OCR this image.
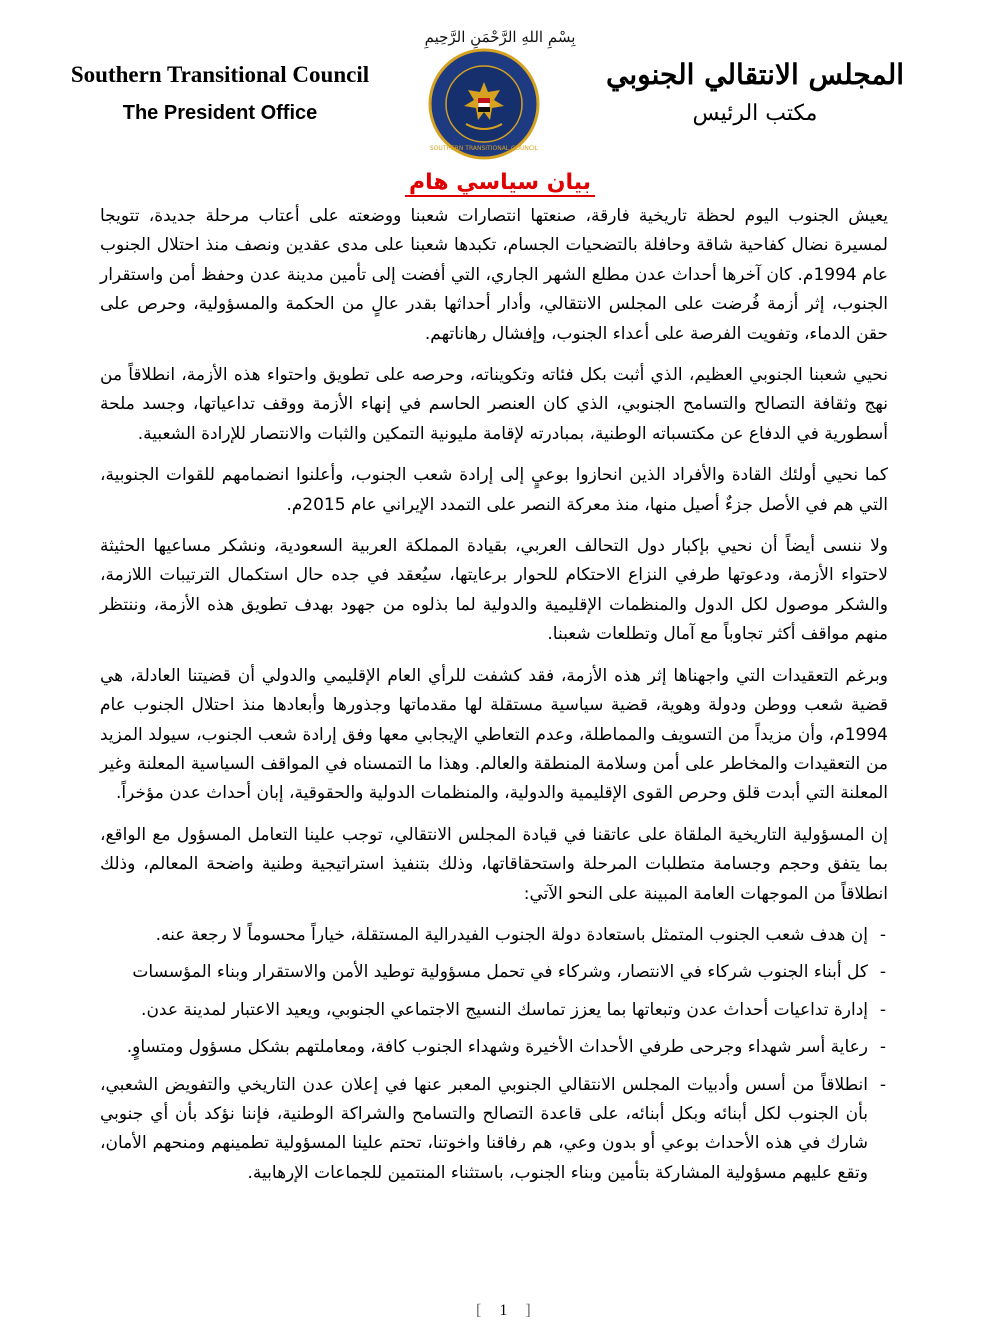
Southern Transitional Council
The President Office
بِسْمِ اللهِ الرَّحْمَنِ الرَّحِيمِ
SOUTHERN TRANSITIONAL COUNCIL
المجلس الانتقالي الجنوبي
مكتب الرئيس
بيان سياسي هام

يعيش الجنوب اليوم لحظة تاريخية فارقة، صنعتها انتصارات شعبنا ووضعته على أعتاب مرحلة جديدة، تتويجا لمسيرة نضال كفاحية شاقة وحافلة بالتضحيات الجسام، تكبدها شعبنا على مدى عقدين ونصف منذ احتلال الجنوب عام 1994م. كان آخرها أحداث عدن مطلع الشهر الجاري، التي أفضت إلى تأمين مدينة عدن وحفظ أمن واستقرار الجنوب، إثر أزمة فُرضت على المجلس الانتقالي، وأدار أحداثها بقدر عالٍ من الحكمة والمسؤولية، وحرص على حقن الدماء، وتفويت الفرصة على أعداء الجنوب، وإفشال رهاناتهم.

نحيي شعبنا الجنوبي العظيم، الذي أثبت بكل فئاته وتكويناته، وحرصه على تطويق واحتواء هذه الأزمة، انطلاقاً من نهج وثقافة التصالح والتسامح الجنوبي، الذي كان العنصر الحاسم في إنهاء الأزمة ووقف تداعياتها، وجسد ملحة أسطورية في الدفاع عن مكتسباته الوطنية، بمبادرته لإقامة مليونية التمكين والثبات والانتصار للإرادة الشعبية.

كما نحيي أولئك القادة والأفراد الذين انحازوا بوعيٍ إلى إرادة شعب الجنوب، وأعلنوا انضمامهم للقوات الجنوبية، التي هم في الأصل جزءٌ أصيل منها، منذ معركة النصر على التمدد الإيراني عام 2015م.

ولا ننسى أيضاً أن نحيي بإكبار دول التحالف العربي، بقيادة المملكة العربية السعودية، ونشكر مساعيها الحثيثة لاحتواء الأزمة، ودعوتها طرفي النزاع الاحتكام للحوار برعايتها، سيُعقد في جده حال استكمال الترتيبات اللازمة، والشكر موصول لكل الدول والمنظمات الإقليمية والدولية لما بذلوه من جهود بهدف تطويق هذه الأزمة، وننتظر منهم مواقف أكثر تجاوباً مع آمال وتطلعات شعبنا.

وبرغم التعقيدات التي واجهناها إثر هذه الأزمة، فقد كشفت للرأي العام الإقليمي والدولي أن قضيتنا العادلة، هي قضية شعب ووطن ودولة وهوية، قضية سياسية مستقلة لها مقدماتها وجذورها وأبعادها منذ احتلال الجنوب عام 1994م، وأن مزيداً من التسويف والمماطلة، وعدم التعاطي الإيجابي معها وفق إرادة شعب الجنوب، سيولد المزيد من التعقيدات والمخاطر على أمن وسلامة المنطقة والعالم. وهذا ما التمسناه في المواقف السياسية المعلنة وغير المعلنة التي أبدت قلق وحرص القوى الإقليمية والدولية، والمنظمات الدولية والحقوقية، إبان أحداث عدن مؤخراً.

إن المسؤولية التاريخية الملقاة على عاتقنا في قيادة المجلس الانتقالي، توجب علينا التعامل المسؤول مع الواقع، بما يتفق وحجم وجسامة متطلبات المرحلة واستحقاقاتها، وذلك بتنفيذ استراتيجية وطنية واضحة المعالم، وذلك انطلاقاً من الموجهات العامة المبينة على النحو الآتي:

- إن هدف شعب الجنوب المتمثل باستعادة دولة الجنوب الفيدرالية المستقلة، خياراً محسوماً لا رجعة عنه.
- كل أبناء الجنوب شركاء في الانتصار، وشركاء في تحمل مسؤولية توطيد الأمن والاستقرار وبناء المؤسسات
- إدارة تداعيات أحداث عدن وتبعاتها بما يعزز تماسك النسيج الاجتماعي الجنوبي، ويعيد الاعتبار لمدينة عدن.
- رعاية أسر شهداء وجرحى طرفي الأحداث الأخيرة وشهداء الجنوب كافة، ومعاملتهم بشكل مسؤول ومتساوٍ.
- انطلاقاً من أسس وأدبيات المجلس الانتقالي الجنوبي المعبر عنها في إعلان عدن التاريخي والتفويض الشعبي، بأن الجنوب لكل أبنائه وبكل أبنائه، على قاعدة التصالح والتسامح والشراكة الوطنية، فإننا نؤكد بأن أي جنوبي شارك في هذه الأحداث بوعي أو بدون وعي، هم رفاقنا واخوتنا، تحتم علينا المسؤولية تطمينهم ومنحهم الأمان، وتقع عليهم مسؤولية المشاركة بتأمين وبناء الجنوب، باستثناء المنتمين للجماعات الإرهابية.
[ 1 ]
